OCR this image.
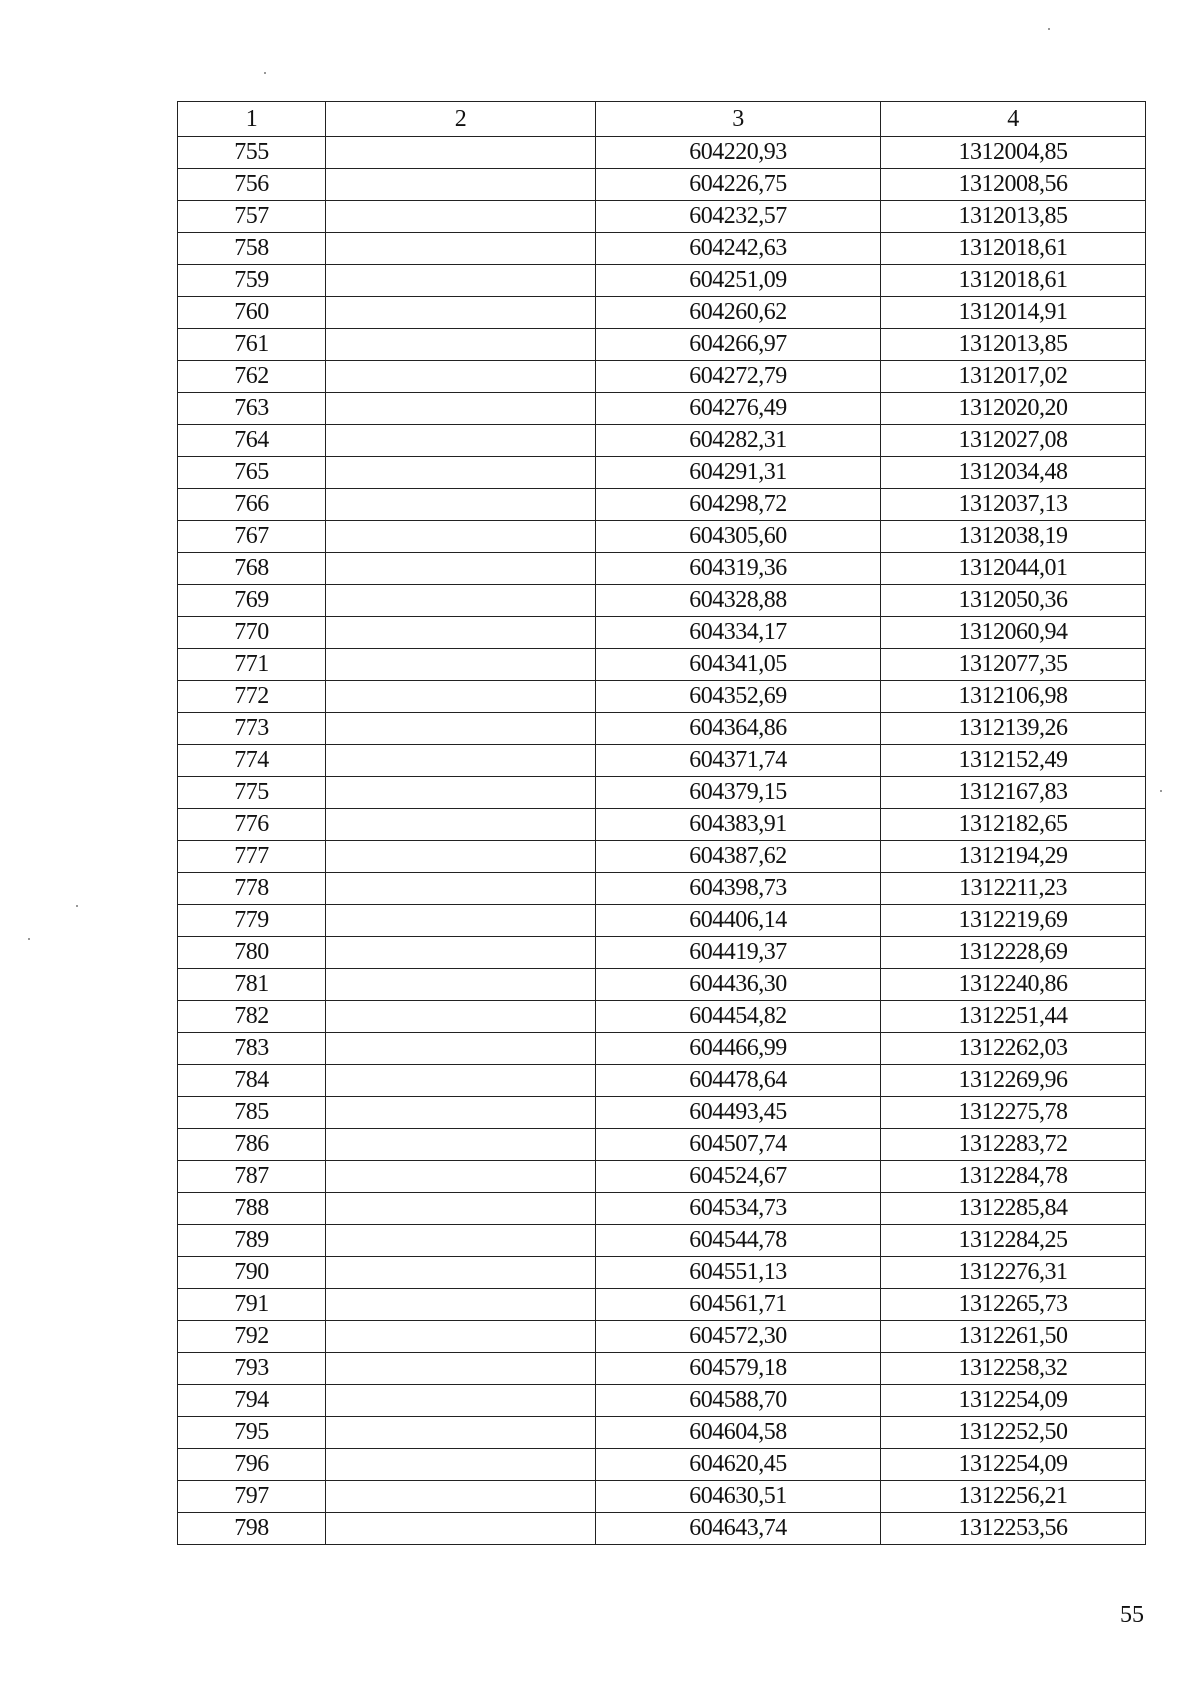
1	2	3	4
755		604220,93	1312004,85
756		604226,75	1312008,56
757		604232,57	1312013,85
758		604242,63	1312018,61
759		604251,09	1312018,61
760		604260,62	1312014,91
761		604266,97	1312013,85
762		604272,79	1312017,02
763		604276,49	1312020,20
764		604282,31	1312027,08
765		604291,31	1312034,48
766		604298,72	1312037,13
767		604305,60	1312038,19
768		604319,36	1312044,01
769		604328,88	1312050,36
770		604334,17	1312060,94
771		604341,05	1312077,35
772		604352,69	1312106,98
773		604364,86	1312139,26
774		604371,74	1312152,49
775		604379,15	1312167,83
776		604383,91	1312182,65
777		604387,62	1312194,29
778		604398,73	1312211,23
779		604406,14	1312219,69
780		604419,37	1312228,69
781		604436,30	1312240,86
782		604454,82	1312251,44
783		604466,99	1312262,03
784		604478,64	1312269,96
785		604493,45	1312275,78
786		604507,74	1312283,72
787		604524,67	1312284,78
788		604534,73	1312285,84
789		604544,78	1312284,25
790		604551,13	1312276,31
791		604561,71	1312265,73
792		604572,30	1312261,50
793		604579,18	1312258,32
794		604588,70	1312254,09
795		604604,58	1312252,50
796		604620,45	1312254,09
797		604630,51	1312256,21
798		604643,74	1312253,56
55
